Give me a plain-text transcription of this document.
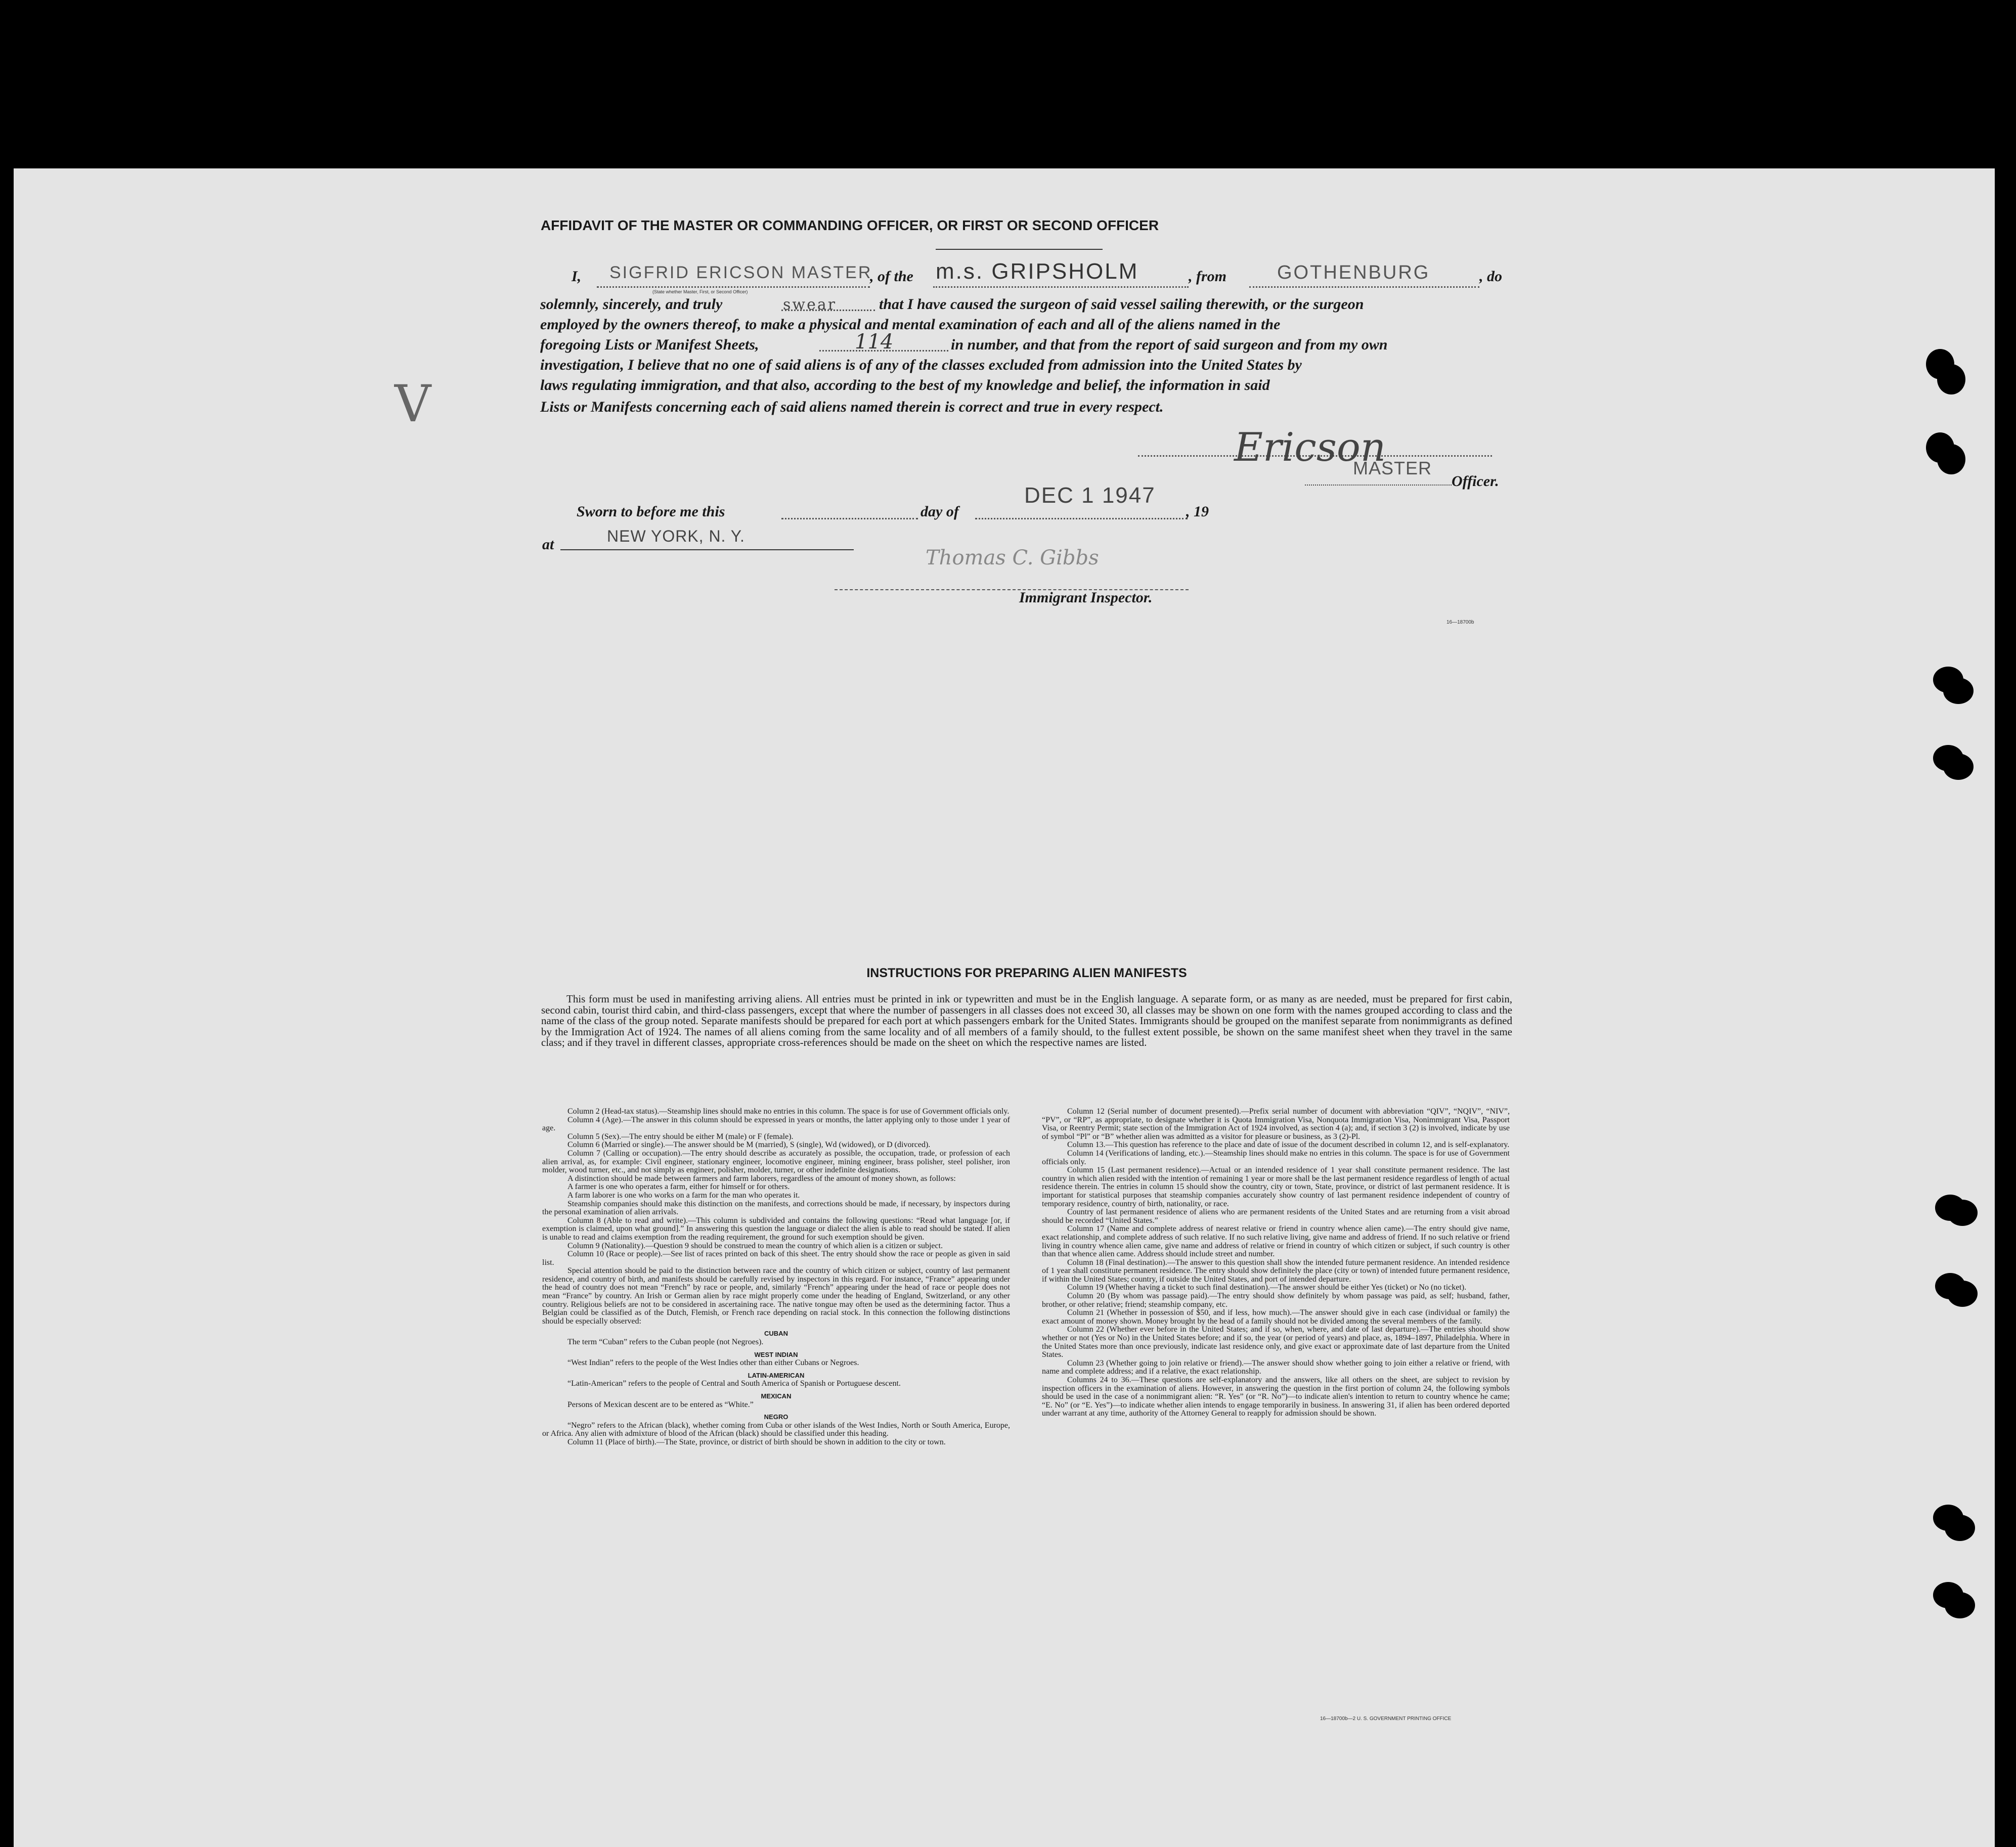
AFFIDAVIT OF THE MASTER OR COMMANDING OFFICER, OR FIRST OR SECOND OFFICER
I, SIGFRID ERICSON MASTER
(State whether Master, First, or Second Officer)
, of the m.s. GRIPSHOLM	, from	GOTHENBURG	, do
solemnly, sincerely, and truly	swear	that I have caused the surgeon of said vessel sailing therewith, or the surgeon
employed by the owners thereof, to make a physical and mental examination of each and all of the aliens named in the
foregoing Lists or Manifest Sheets,	114	in number, and that from the report of said surgeon and from my own
investigation, I believe that no one of said aliens is of any of the classes excluded from admission into the United States by
laws regulating immigration, and that also, according to the best of my knowledge and belief, the information in said
Lists or Manifests concerning each of said aliens named therein is correct and true in every respect.
V
Ericson
MASTER
Officer.
Sworn to before me this	day of
DEC 1 1947
, 19
at	NEW YORK, N. Y.
Thomas C. Gibbs
Immigrant Inspector.
16—18700b
INSTRUCTIONS FOR PREPARING ALIEN MANIFESTS

This form must be used in manifesting arriving aliens. All entries must be printed in ink or typewritten and must be in the English language. A separate form, or as many as are needed, must be prepared for first cabin, second cabin, tourist third cabin, and third-class passengers, except that where the number of passengers in all classes does not exceed 30, all classes may be shown on one form with the names grouped according to class and the name of the class of the group noted. Separate manifests should be prepared for each port at which passengers embark for the United States. Immigrants should be grouped on the manifest separate from nonimmigrants as defined by the Immigration Act of 1924. The names of all aliens coming from the same locality and of all members of a family should, to the fullest extent possible, be shown on the same manifest sheet when they travel in the same class; and if they travel in different classes, appropriate cross-references should be made on the sheet on which the respective names are listed.

Column 2 (Head-tax status).—Steamship lines should make no entries in this column. The space is for use of Government officials only.

Column 4 (Age).—The answer in this column should be expressed in years or months, the latter applying only to those under 1 year of age.

Column 5 (Sex).—The entry should be either M (male) or F (female).

Column 6 (Married or single).—The answer should be M (married), S (single), Wd (widowed), or D (divorced).

Column 7 (Calling or occupation).—The entry should describe as accurately as possible, the occupation, trade, or profession of each alien arrival, as, for example: Civil engineer, stationary engineer, locomotive engineer, mining engineer, brass polisher, steel polisher, iron molder, wood turner, etc., and not simply as engineer, polisher, molder, turner, or other indefinite designations.

A distinction should be made between farmers and farm laborers, regardless of the amount of money shown, as follows:

A farmer is one who operates a farm, either for himself or for others.

A farm laborer is one who works on a farm for the man who operates it.

Steamship companies should make this distinction on the manifests, and corrections should be made, if necessary, by inspectors during the personal examination of alien arrivals.

Column 8 (Able to read and write).—This column is subdivided and contains the following questions: “Read what language [or, if exemption is claimed, upon what ground].” In answering this question the language or dialect the alien is able to read should be stated. If alien is unable to read and claims exemption from the reading requirement, the ground for such exemption should be given.

Column 9 (Nationality).—Question 9 should be construed to mean the country of which alien is a citizen or subject.

Column 10 (Race or people).—See list of races printed on back of this sheet. The entry should show the race or people as given in said list.

Special attention should be paid to the distinction between race and the country of which citizen or subject, country of last permanent residence, and country of birth, and manifests should be carefully revised by inspectors in this regard. For instance, “France” appearing under the head of country does not mean “French” by race or people, and, similarly “French” appearing under the head of race or people does not mean “France” by country. An Irish or German alien by race might properly come under the heading of England, Switzerland, or any other country. Religious beliefs are not to be considered in ascertaining race. The native tongue may often be used as the determining factor. Thus a Belgian could be classified as of the Dutch, Flemish, or French race depending on racial stock. In this connection the following distinctions should be especially observed:

CUBAN

The term “Cuban” refers to the Cuban people (not Negroes).

WEST INDIAN

“West Indian” refers to the people of the West Indies other than either Cubans or Negroes.

LATIN-AMERICAN

“Latin-American” refers to the people of Central and South America of Spanish or Portuguese descent.

MEXICAN

Persons of Mexican descent are to be entered as “White.”

NEGRO

“Negro” refers to the African (black), whether coming from Cuba or other islands of the West Indies, North or South America, Europe, or Africa. Any alien with admixture of blood of the African (black) should be classified under this heading.

Column 11 (Place of birth).—The State, province, or district of birth should be shown in addition to the city or town.

Column 12 (Serial number of document presented).—Prefix serial number of document with abbreviation “QIV”, “NQIV”, “NIV”, “PV”, or “RP”, as appropriate, to designate whether it is Quota Immigration Visa, Nonquota Immigration Visa, Nonimmigrant Visa, Passport Visa, or Reentry Permit; state section of the Immigration Act of 1924 involved, as section 4 (a); and, if section 3 (2) is involved, indicate by use of symbol “Pl” or “B” whether alien was admitted as a visitor for pleasure or business, as 3 (2)-Pl.

Column 13.—This question has reference to the place and date of issue of the document described in column 12, and is self-explanatory.

Column 14 (Verifications of landing, etc.).—Steamship lines should make no entries in this column. The space is for use of Government officials only.

Column 15 (Last permanent residence).—Actual or an intended residence of 1 year shall constitute permanent residence. The last country in which alien resided with the intention of remaining 1 year or more shall be the last permanent residence regardless of length of actual residence therein. The entries in column 15 should show the country, city or town, State, province, or district of last permanent residence. It is important for statistical purposes that steamship companies accurately show country of last permanent residence independent of country of temporary residence, country of birth, nationality, or race.

Country of last permanent residence of aliens who are permanent residents of the United States and are returning from a visit abroad should be recorded “United States.”

Column 17 (Name and complete address of nearest relative or friend in country whence alien came).—The entry should give name, exact relationship, and complete address of such relative. If no such relative living, give name and address of friend. If no such relative or friend living in country whence alien came, give name and address of relative or friend in country of which citizen or subject, if such country is other than that whence alien came. Address should include street and number.

Column 18 (Final destination).—The answer to this question shall show the intended future permanent residence. An intended residence of 1 year shall constitute permanent residence. The entry should show definitely the place (city or town) of intended future permanent residence, if within the United States; country, if outside the United States, and port of intended departure.

Column 19 (Whether having a ticket to such final destination).—The answer should be either Yes (ticket) or No (no ticket).

Column 20 (By whom was passage paid).—The entry should show definitely by whom passage was paid, as self; husband, father, brother, or other relative; friend; steamship company, etc.

Column 21 (Whether in possession of $50, and if less, how much).—The answer should give in each case (individual or family) the exact amount of money shown. Money brought by the head of a family should not be divided among the several members of the family.

Column 22 (Whether ever before in the United States; and if so, when, where, and date of last departure).—The entries should show whether or not (Yes or No) in the United States before; and if so, the year (or period of years) and place, as, 1894–1897, Philadelphia. Where in the United States more than once previously, indicate last residence only, and give exact or approximate date of last departure from the United States.

Column 23 (Whether going to join relative or friend).—The answer should show whether going to join either a relative or friend, with name and complete address; and if a relative, the exact relationship.

Columns 24 to 36.—These questions are self-explanatory and the answers, like all others on the sheet, are subject to revision by inspection officers in the examination of aliens. However, in answering the question in the first portion of column 24, the following symbols should be used in the case of a nonimmigrant alien: “R. Yes” (or “R. No”)—to indicate alien's intention to return to country whence he came; “E. No” (or “E. Yes”)—to indicate whether alien intends to engage temporarily in business. In answering 31, if alien has been ordered deported under warrant at any time, authority of the Attorney General to reapply for admission should be shown.

16—18700b—2 U. S. GOVERNMENT PRINTING OFFICE
